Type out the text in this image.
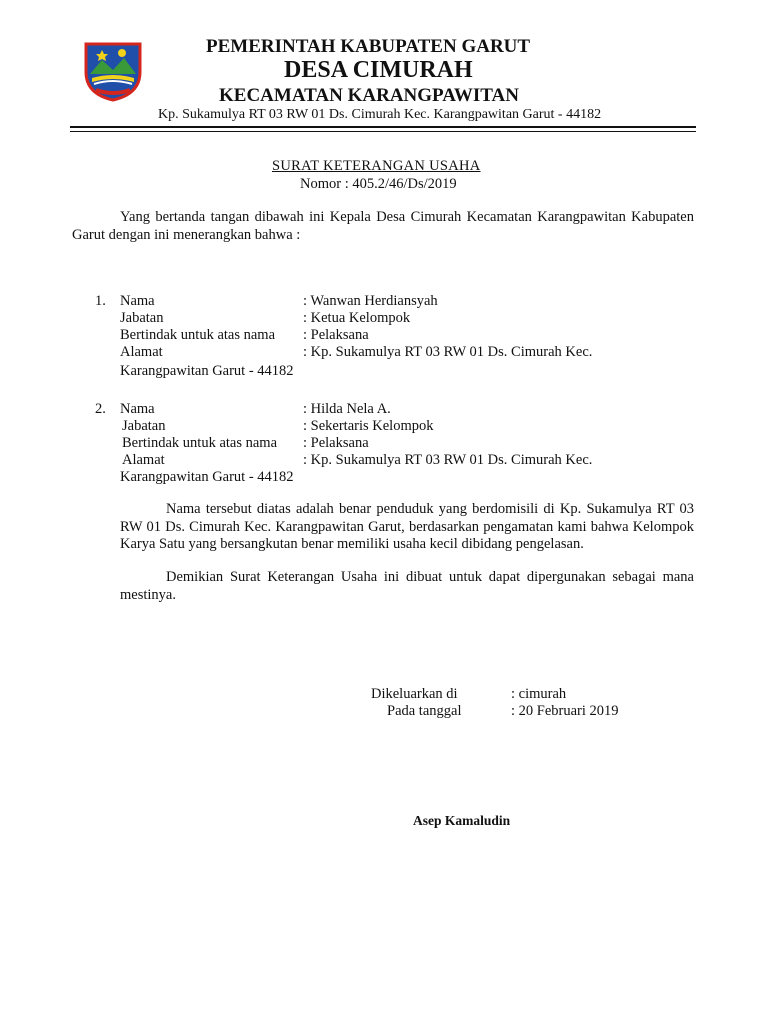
PEMERINTAH KABUPATEN GARUT
DESA CIMURAH
KECAMATAN KARANGPAWITAN
Kp. Sukamulya RT 03 RW 01 Ds. Cimurah Kec. Karangpawitan Garut - 44182
SURAT KETERANGAN USAHA
Nomor : 405.2/46/Ds/2019
Yang bertanda tangan dibawah ini Kepala Desa Cimurah Kecamatan Karangpawitan Kabupaten Garut dengan ini menerangkan bahwa :
1. Nama	: Wanwan Herdiansyah
Jabatan	: Ketua Kelompok
Bertindak untuk atas nama : Pelaksana
Alamat	: Kp. Sukamulya RT 03 RW 01 Ds. Cimurah Kec.
Karangpawitan Garut - 44182
2. Nama	: Hilda Nela A.
Jabatan	: Sekertaris Kelompok
Bertindak untuk atas nama : Pelaksana
Alamat	: Kp. Sukamulya RT 03 RW 01 Ds. Cimurah Kec.
Karangpawitan Garut - 44182
Nama tersebut diatas adalah benar penduduk yang berdomisili di Kp. Sukamulya RT 03 RW 01 Ds. Cimurah Kec. Karangpawitan Garut, berdasarkan pengamatan kami bahwa Kelompok Karya Satu yang bersangkutan benar memiliki usaha kecil dibidang pengelasan.
Demikian Surat Keterangan Usaha ini dibuat untuk dapat dipergunakan sebagai mana mestinya.
Dikeluarkan di	: cimurah
Pada tanggal	: 20 Februari 2019
Asep Kamaludin
